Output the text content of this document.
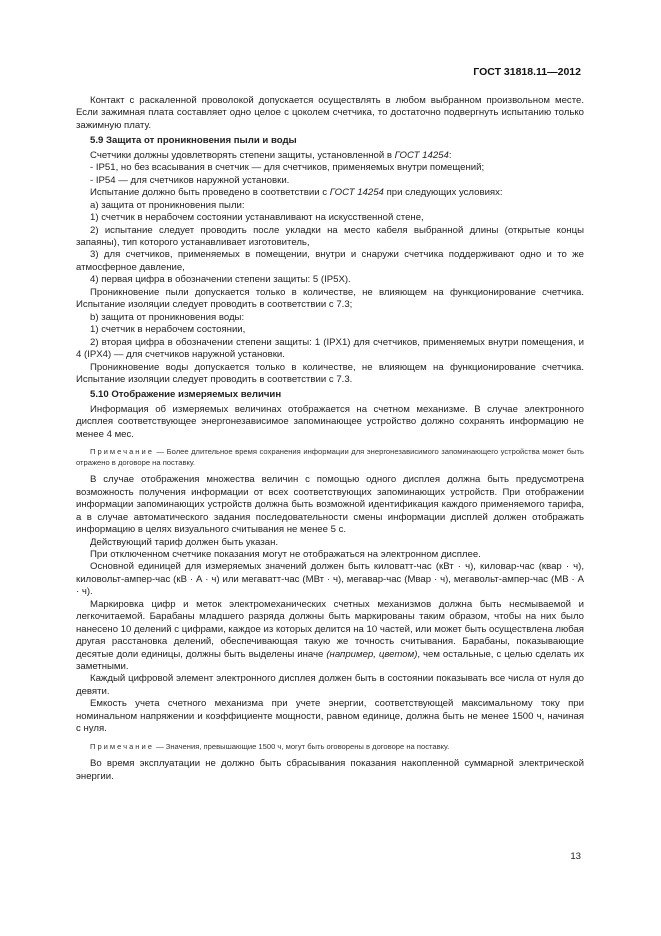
ГОСТ 31818.11—2012

Контакт с раскаленной проволокой допускается осуществлять в любом выбранном произвольном месте. Если зажимная плата составляет одно целое с цоколем счетчика, то достаточно подвергнуть испытанию только зажимную плату.

5.9 Защита от проникновения пыли и воды

Счетчики должны удовлетворять степени защиты, установленной в ГОСТ 14254:

- IP51, но без всасывания в счетчик — для счетчиков, применяемых внутри помещений;

- IP54 — для счетчиков наружной установки.

Испытание должно быть проведено в соответствии с ГОСТ 14254 при следующих условиях:

a) защита от проникновения пыли:

1) счетчик в нерабочем состоянии устанавливают на искусственной стене,

2) испытание следует проводить после укладки на место кабеля выбранной длины (открытые концы запаяны), тип которого устанавливает изготовитель,

3) для счетчиков, применяемых в помещении, внутри и снаружи счетчика поддерживают одно и то же атмосферное давление,

4) первая цифра в обозначении степени защиты: 5 (IP5X).

Проникновение пыли допускается только в количестве, не влияющем на функционирование счетчика. Испытание изоляции следует проводить в соответствии с 7.3;

b) защита от проникновения воды:

1) счетчик в нерабочем состоянии,

2) вторая цифра в обозначении степени защиты: 1 (IPX1) для счетчиков, применяемых внутри помещения, и 4 (IPX4) — для счетчиков наружной установки.

Проникновение воды допускается только в количестве, не влияющем на функционирование счетчика. Испытание изоляции следует проводить в соответствии с 7.3.

5.10 Отображение измеряемых величин

Информация об измеряемых величинах отображается на счетном механизме. В случае электронного дисплея соответствующее энергонезависимое запоминающее устройство должно сохранять информацию не менее 4 мес.

Примечание — Более длительное время сохранения информации для энергонезависимого запоминающего устройства может быть отражено в договоре на поставку.

В случае отображения множества величин с помощью одного дисплея должна быть предусмотрена возможность получения информации от всех соответствующих запоминающих устройств. При отображении информации запоминающих устройств должна быть возможной идентификация каждого применяемого тарифа, а в случае автоматического задания последовательности смены информации дисплей должен отображать информацию в целях визуального считывания не менее 5 с.

Действующий тариф должен быть указан.

При отключенном счетчике показания могут не отображаться на электронном дисплее.

Основной единицей для измеряемых значений должен быть киловатт-час (кВт · ч), киловар-час (квар · ч), киловольт-ампер-час (кВ · А · ч) или мегаватт-час (МВт · ч), мегавар-час (Мвар · ч), мегавольт-ампер-час (МВ · А · ч).

Маркировка цифр и меток электромеханических счетных механизмов должна быть несмываемой и легкочитаемой. Барабаны младшего разряда должны быть маркированы таким образом, чтобы на них было нанесено 10 делений с цифрами, каждое из которых делится на 10 частей, или может быть осуществлена любая другая расстановка делений, обеспечивающая такую же точность считывания. Барабаны, показывающие десятые доли единицы, должны быть выделены иначе (например, цветом), чем остальные, с целью сделать их заметными.

Каждый цифровой элемент электронного дисплея должен быть в состоянии показывать все числа от нуля до девяти.

Емкость учета счетного механизма при учете энергии, соответствующей максимальному току при номинальном напряжении и коэффициенте мощности, равном единице, должна быть не менее 1500 ч, начиная с нуля.

Примечание — Значения, превышающие 1500 ч, могут быть оговорены в договоре на поставку.

Во время эксплуатации не должно быть сбрасывания показания накопленной суммарной электрической энергии.

13
